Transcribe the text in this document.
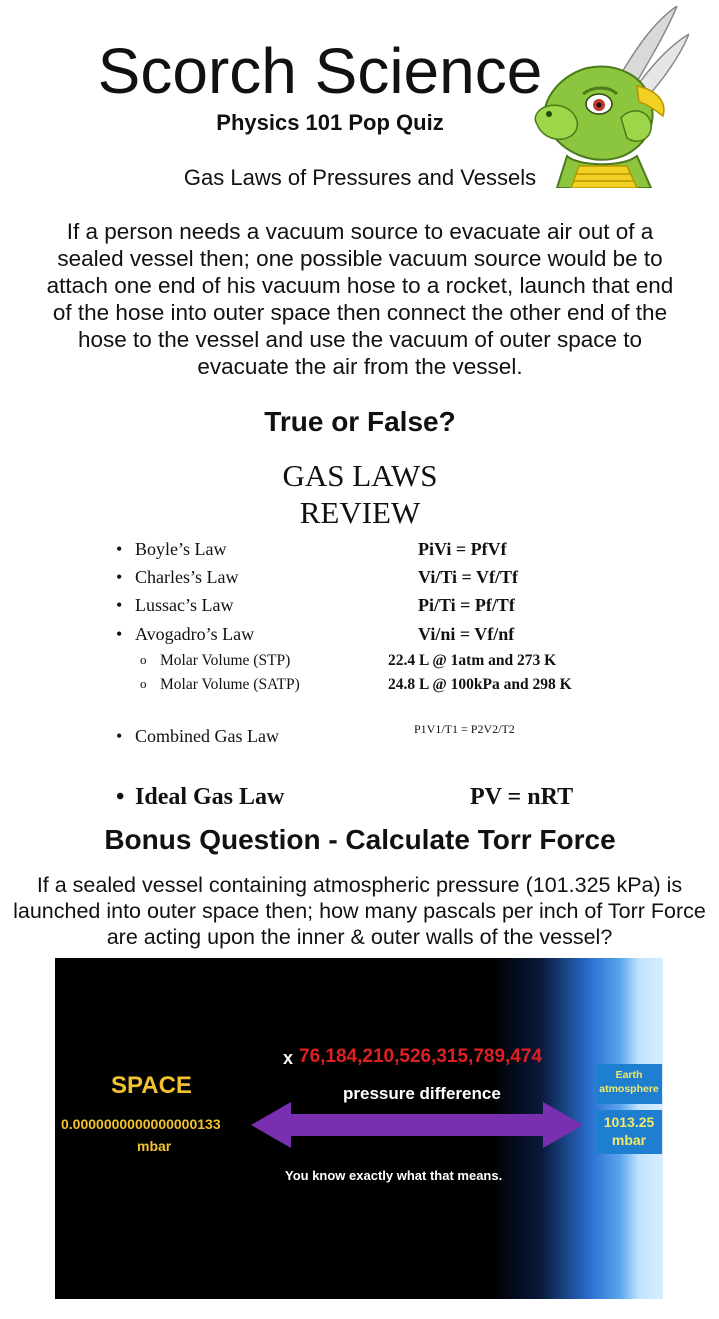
Scorch Science
Physics 101 Pop Quiz
Gas Laws of Pressures and Vessels
If a person needs a vacuum source to evacuate air out of a sealed vessel then; one possible vacuum source would be to attach one end of his vacuum hose to a rocket, launch that end of the hose into outer space then connect the other end of the hose to the vessel and use the vacuum of outer space to evacuate the air from the vessel.
True or False?
GAS LAWS
REVIEW
• Boyle’s Law	PiVi = PfVf
• Charles’s Law	Vi/Ti = Vf/Tf
• Lussac’s Law	Pi/Ti = Pf/Tf
• Avogadro’s Law	Vi/ni = Vf/nf
o Molar Volume (STP)	22.4 L @ 1atm and 273 K
o Molar Volume (SATP)	24.8 L @ 100kPa and 298 K
• Combined Gas Law	P1V1/T1 = P2V2/T2
• Ideal Gas Law	PV = nRT
Bonus Question - Calculate Torr Force
If a sealed vessel containing atmospheric pressure (101.325 kPa) is launched into outer space then; how many pascals per inch of Torr Force are acting upon the inner & outer walls of the vessel?
x 76,184,210,526,315,789,474
pressure difference
SPACE
0.0000000000000000133
mbar
Earth
atmosphere
1013.25
mbar
You know exactly what that means.
